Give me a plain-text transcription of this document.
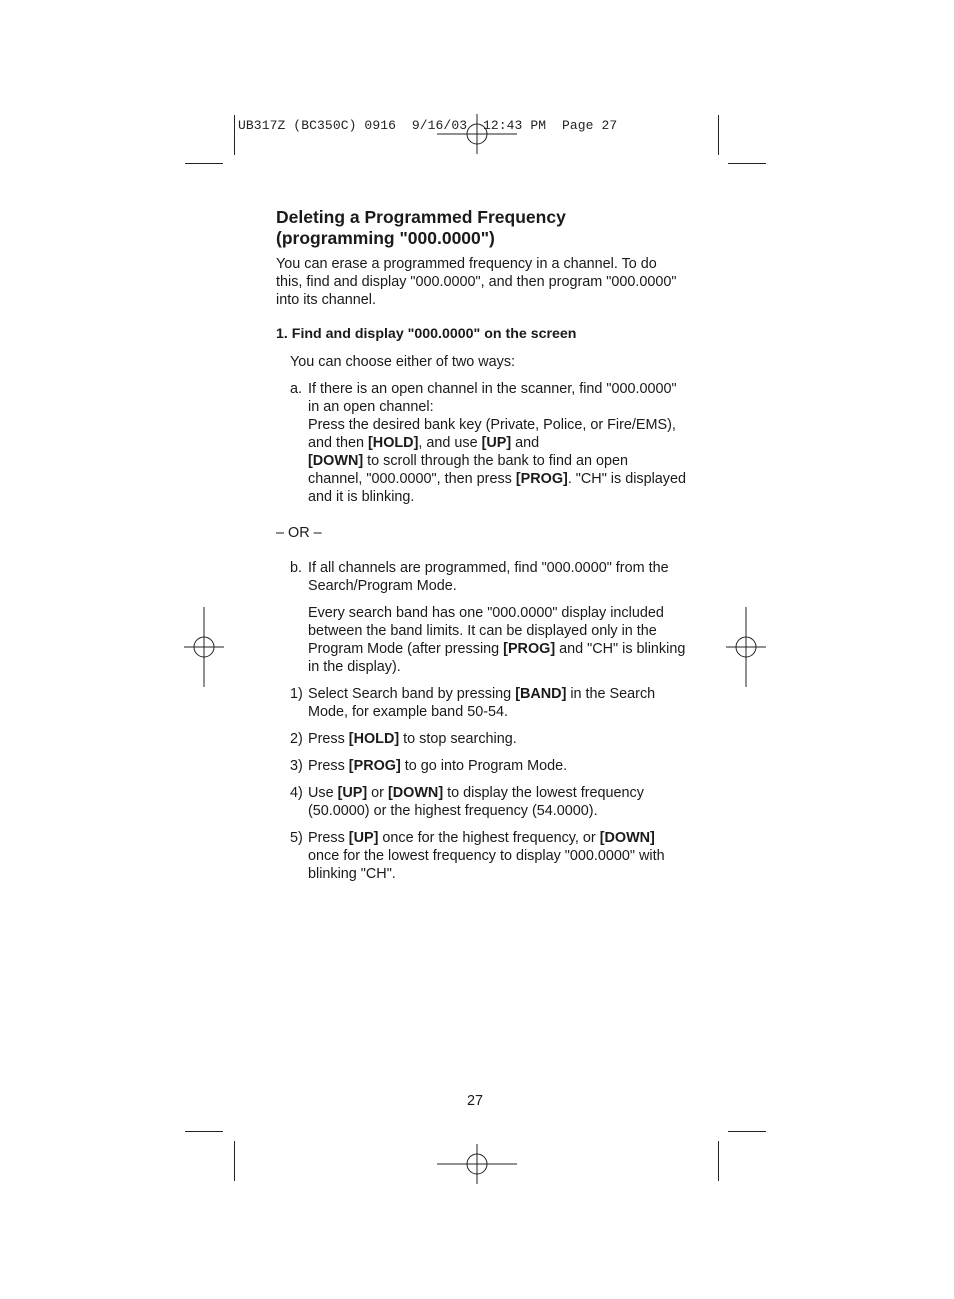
UB317Z (BC350C) 0916  9/16/03  12:43 PM  Page 27
Deleting a Programmed Frequency
(programming "000.0000")

You can erase a programmed frequency in a channel. To do this, find and display "000.0000", and then program "000.0000" into its channel.

1. Find and display "000.0000" on the screen

You can choose either of two ways:

a. If there is an open channel in the scanner, find "000.0000" in an open channel:

Press the desired bank key (Private, Police, or Fire/EMS), and then [HOLD], and use [UP] and
[DOWN] to scroll through the bank to find an open channel, "000.0000", then press [PROG]. "CH" is displayed and it is blinking.

– OR –

b. If all channels are programmed, find "000.0000" from the Search/Program Mode.

Every search band has one "000.0000" display included between the band limits. It can be displayed only in the Program Mode (after pressing [PROG] and "CH" is blinking in the display).

1) Select Search band by pressing [BAND] in the Search Mode, for example band 50-54.
2) Press [HOLD] to stop searching.
3) Press [PROG] to go into Program Mode.
4) Use [UP] or [DOWN] to display the lowest frequency (50.0000) or the highest frequency (54.0000).
5) Press [UP] once for the highest frequency, or [DOWN] once for the lowest frequency to display "000.0000" with blinking "CH".
27
